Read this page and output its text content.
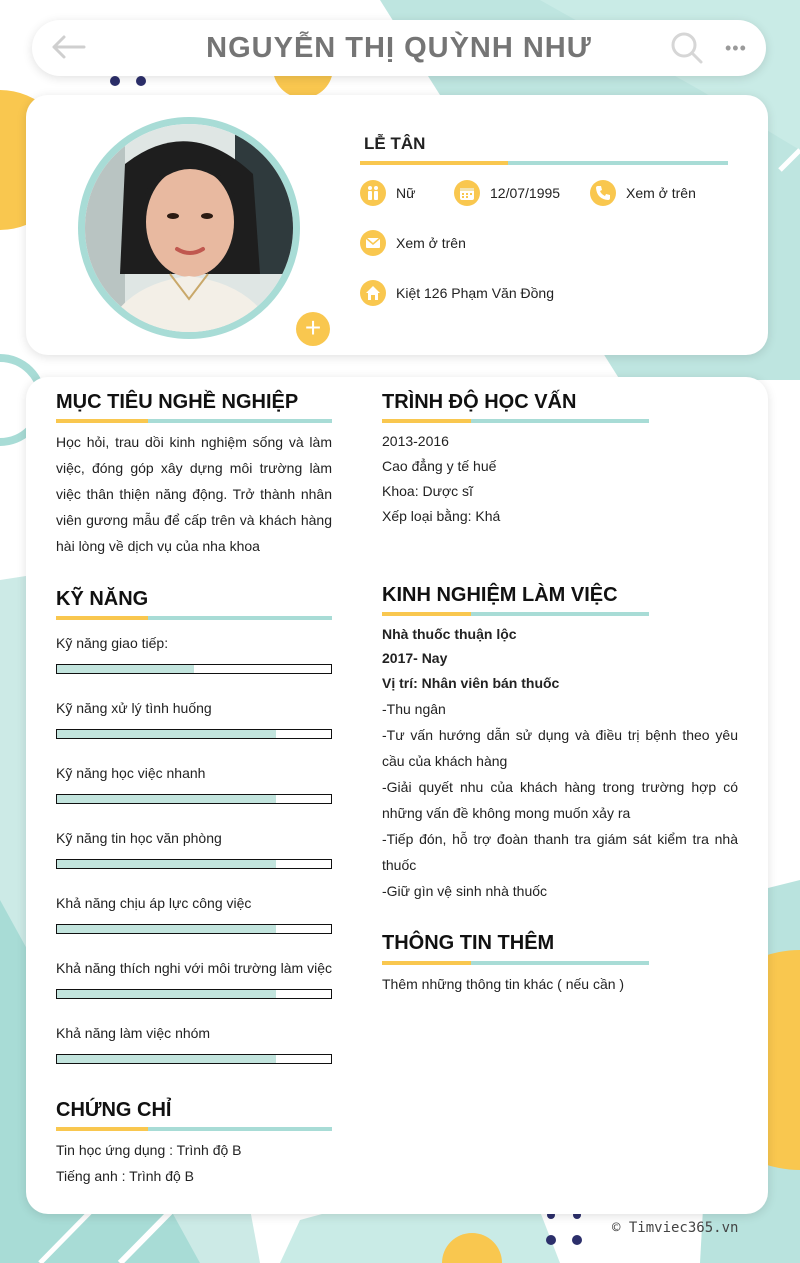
NGUYỄN THỊ QUỲNH NHƯ	•••
+
LỄ TÂN
Nữ	12/07/1995	Xem ở trên
Xem ở trên
Kiệt 126 Phạm Văn Đồng
MỤC TIÊU NGHỀ NGHIỆP
Học hỏi, trau dồi kinh nghiệm sống và làm việc, đóng góp xây dựng môi trường làm việc thân thiện năng động. Trở thành nhân viên gương mẫu để cấp trên và khách hàng hài lòng về dịch vụ của nha khoa
KỸ NĂNG
Kỹ năng giao tiếp:
Kỹ năng xử lý tình huống
Kỹ năng học việc nhanh
Kỹ năng tin học văn phòng
Khả năng chịu áp lực công việc
Khả năng thích nghi với môi trường làm việc
Khả năng làm việc nhóm
CHỨNG CHỈ
Tin học ứng dụng : Trình độ B
Tiếng anh : Trình độ B
TRÌNH ĐỘ HỌC VẤN
2013-2016
Cao đẳng y tế huế
Khoa: Dược sĩ
Xếp loại bằng: Khá
KINH NGHIỆM LÀM VIỆC
Nhà thuốc thuận lộc
2017- Nay
Vị trí: Nhân viên bán thuốc
-Thu ngân
-Tư vấn hướng dẫn sử dụng và điều trị bệnh theo yêu cầu của khách hàng
-Giải quyết nhu của khách hàng trong trường hợp có những vấn đề không mong muốn xảy ra
-Tiếp đón, hỗ trợ đoàn thanh tra giám sát kiểm tra nhà thuốc
-Giữ gìn vệ sinh nhà thuốc
THÔNG TIN THÊM
Thêm những thông tin khác ( nếu cần )
© Timviec365.vn
